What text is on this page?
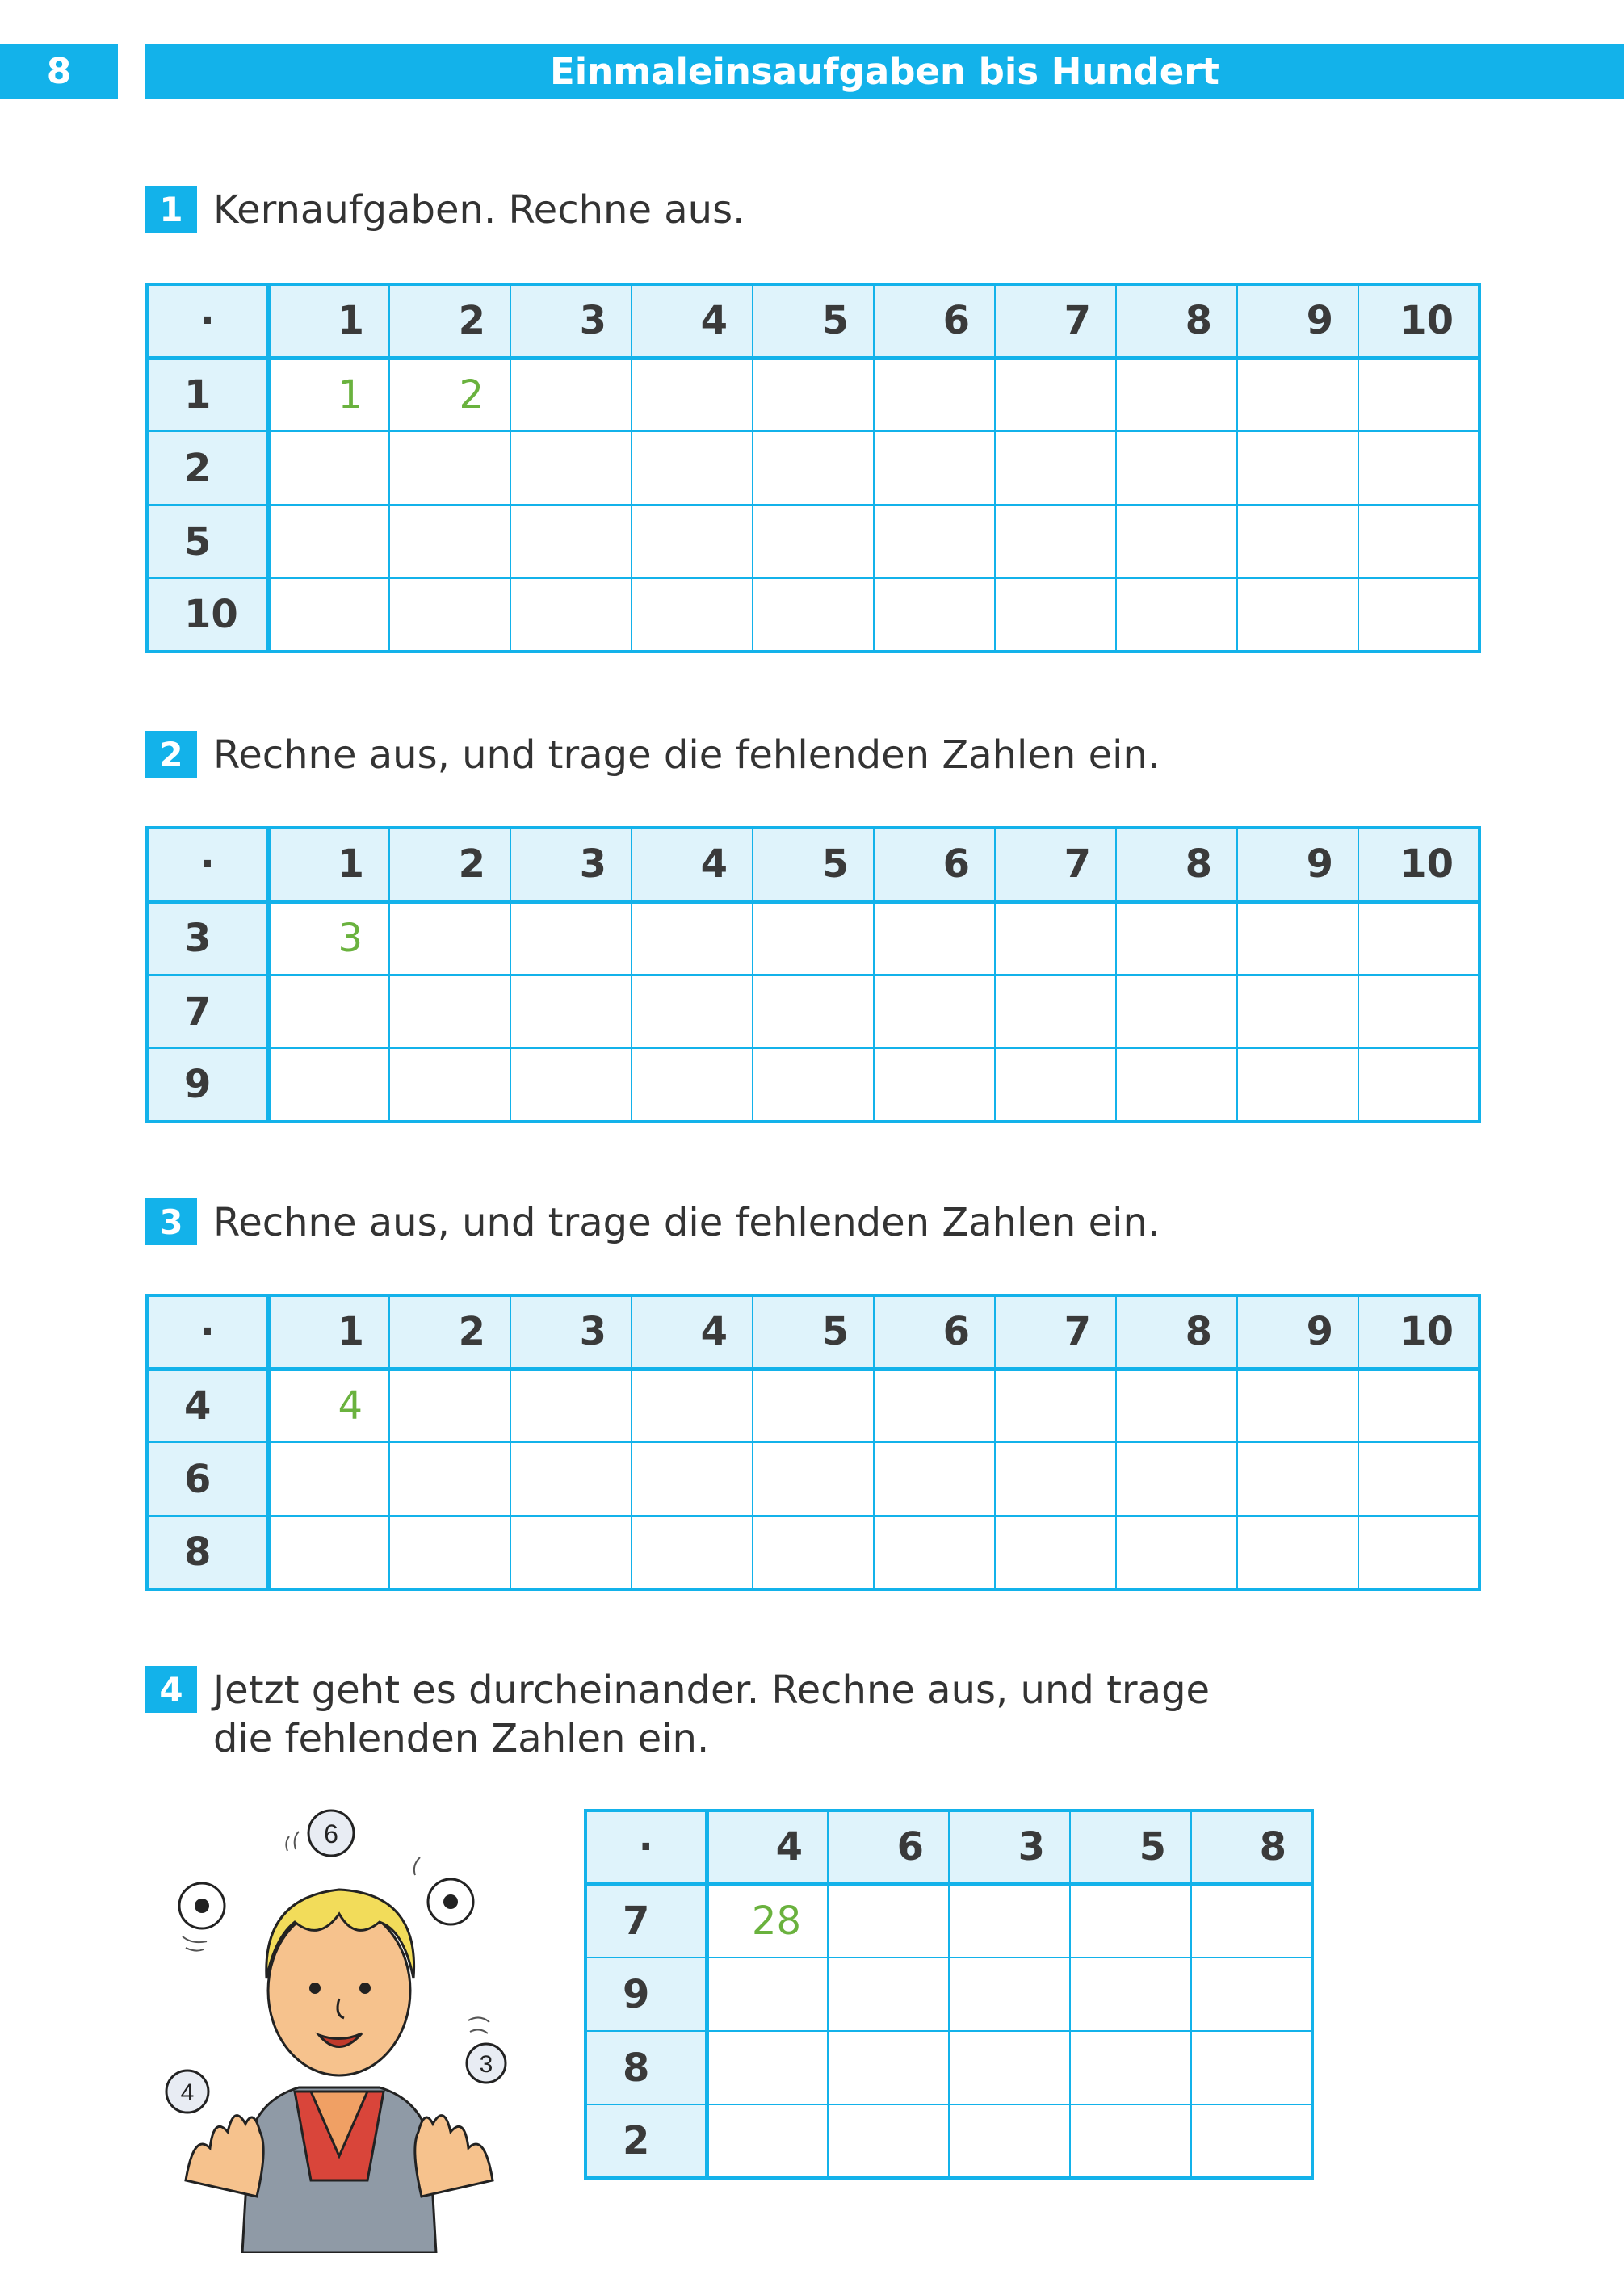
8	Einmaleinsaufgaben bis Hundert
1 Kernaufgaben. Rechne aus.
·	1	2	3	4	5	6	7	8	9	10
1	1	2								
2										
5										
10										
2 Rechne aus, und trage die fehlenden Zahlen ein.
·	1	2	3	4	5	6	7	8	9	10
3	3									
7										
9										
3 Rechne aus, und trage die fehlenden Zahlen ein.
·	1	2	3	4	5	6	7	8	9	10
4	4									
6										
8										
4 Jetzt geht es durcheinander. Rechne aus, und trage
die fehlenden Zahlen ein.
·	4	6	3	5	8
7	28				
9					
8					
2					
6
3
4
